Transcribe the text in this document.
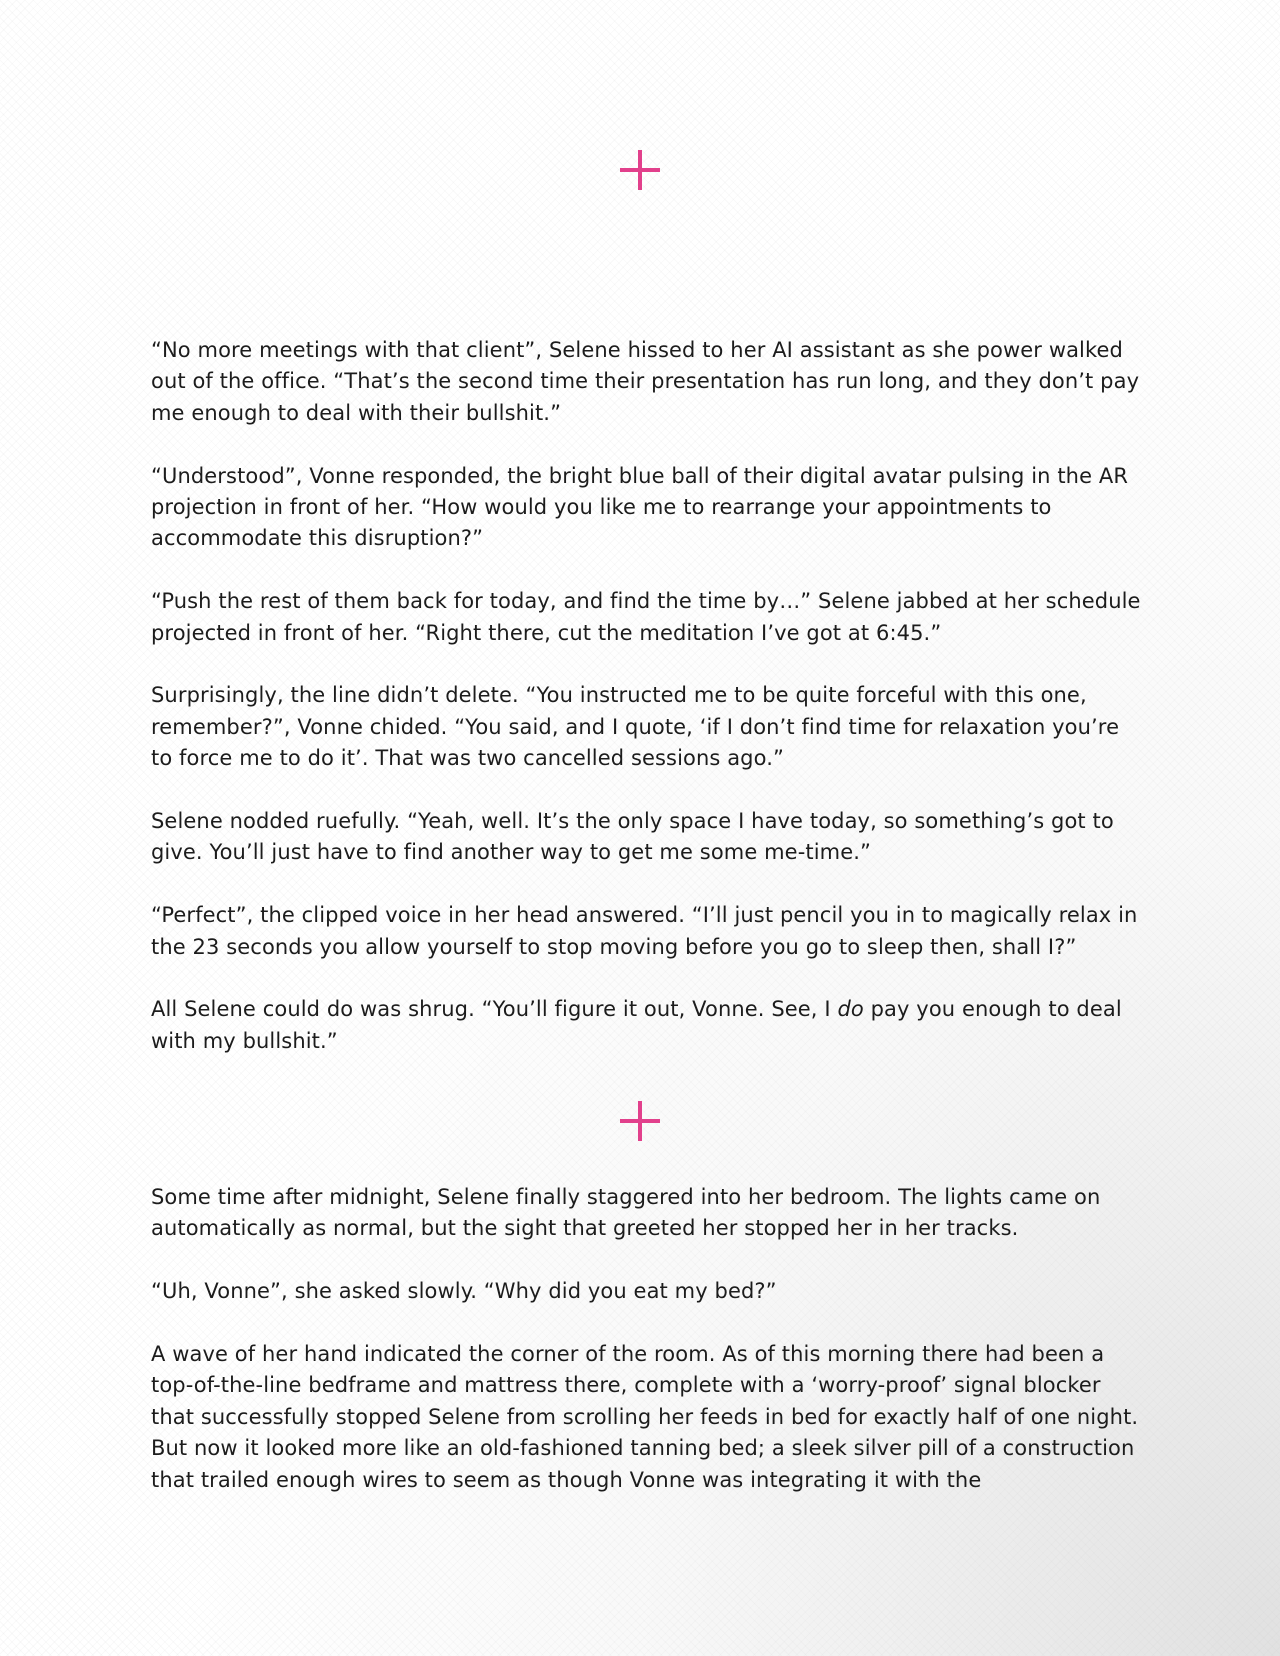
“No more meetings with that client”, Selene hissed to her AI assistant as she power walked out of the office. “That’s the second time their presentation has run long, and they don’t pay me enough to deal with their bullshit.”

“Understood”, Vonne responded, the bright blue ball of their digital avatar pulsing in the AR projection in front of her. “How would you like me to rearrange your appointments to accommodate this disruption?”

“Push the rest of them back for today, and find the time by…” Selene jabbed at her schedule projected in front of her. “Right there, cut the meditation I’ve got at 6:45.”

Surprisingly, the line didn’t delete. “You instructed me to be quite forceful with this one, remember?”, Vonne chided. “You said, and I quote, ‘if I don’t find time for relaxation you’re to force me to do it’. That was two cancelled sessions ago.”

Selene nodded ruefully. “Yeah, well. It’s the only space I have today, so something’s got to give. You’ll just have to find another way to get me some me-time.”

“Perfect”, the clipped voice in her head answered. “I’ll just pencil you in to magically relax in the 23 seconds you allow yourself to stop moving before you go to sleep then, shall I?”

All Selene could do was shrug. “You’ll figure it out, Vonne. See, I do pay you enough to deal with my bullshit.”

Some time after midnight, Selene finally staggered into her bedroom. The lights came on automatically as normal, but the sight that greeted her stopped her in her tracks.

“Uh, Vonne”, she asked slowly. “Why did you eat my bed?”

A wave of her hand indicated the corner of the room. As of this morning there had been a top-of-the-line bedframe and mattress there, complete with a ‘worry-proof’ signal blocker that successfully stopped Selene from scrolling her feeds in bed for exactly half of one night. But now it looked more like an old-fashioned tanning bed; a sleek silver pill of a construction that trailed enough wires to seem as though Vonne was integrating it with the
